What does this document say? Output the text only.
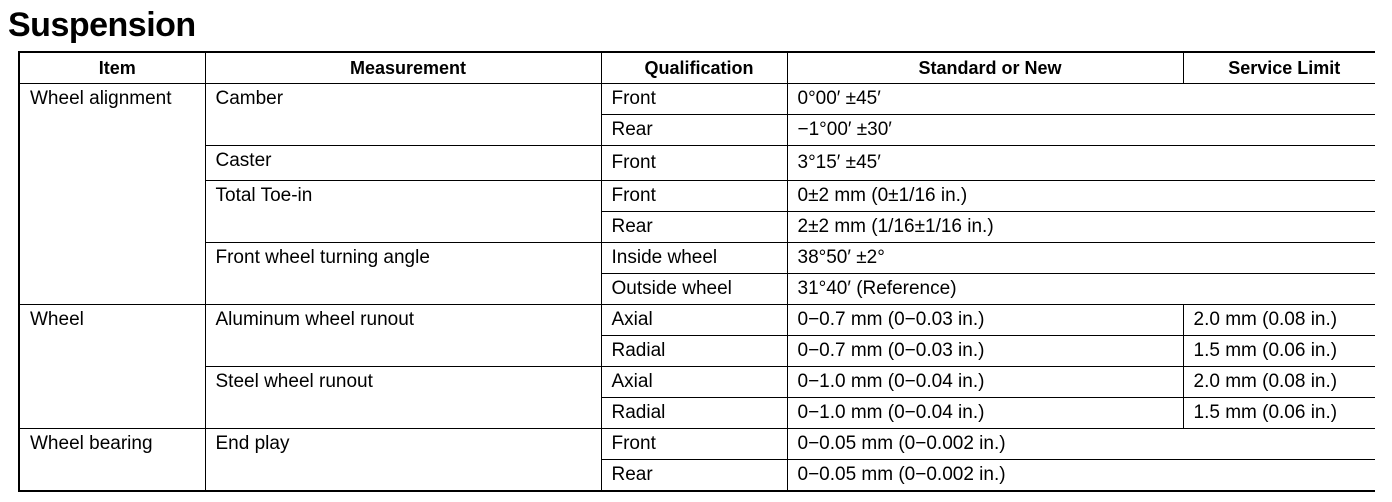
Suspension
Item	Measurement	Qualification	Standard or New	Service Limit
Wheel alignment	Camber	Front	0°00′ ±45′	
		Rear	−1°00′ ±30′	
	Caster	Front	3°15′ ±45′	
	Total Toe-in	Front	0±2 mm (0±1/16 in.)	
		Rear	2±2 mm (1/16±1/16 in.)	
	Front wheel turning angle	Inside wheel	38°50′ ±2°	
		Outside wheel	31°40′ (Reference)	
Wheel	Aluminum wheel runout	Axial	0−0.7 mm (0−0.03 in.)	2.0 mm (0.08 in.)
		Radial	0−0.7 mm (0−0.03 in.)	1.5 mm (0.06 in.)
	Steel wheel runout	Axial	0−1.0 mm (0−0.04 in.)	2.0 mm (0.08 in.)
		Radial	0−1.0 mm (0−0.04 in.)	1.5 mm (0.06 in.)
Wheel bearing	End play	Front	0−0.05 mm (0−0.002 in.)	
		Rear	0−0.05 mm (0−0.002 in.)	
